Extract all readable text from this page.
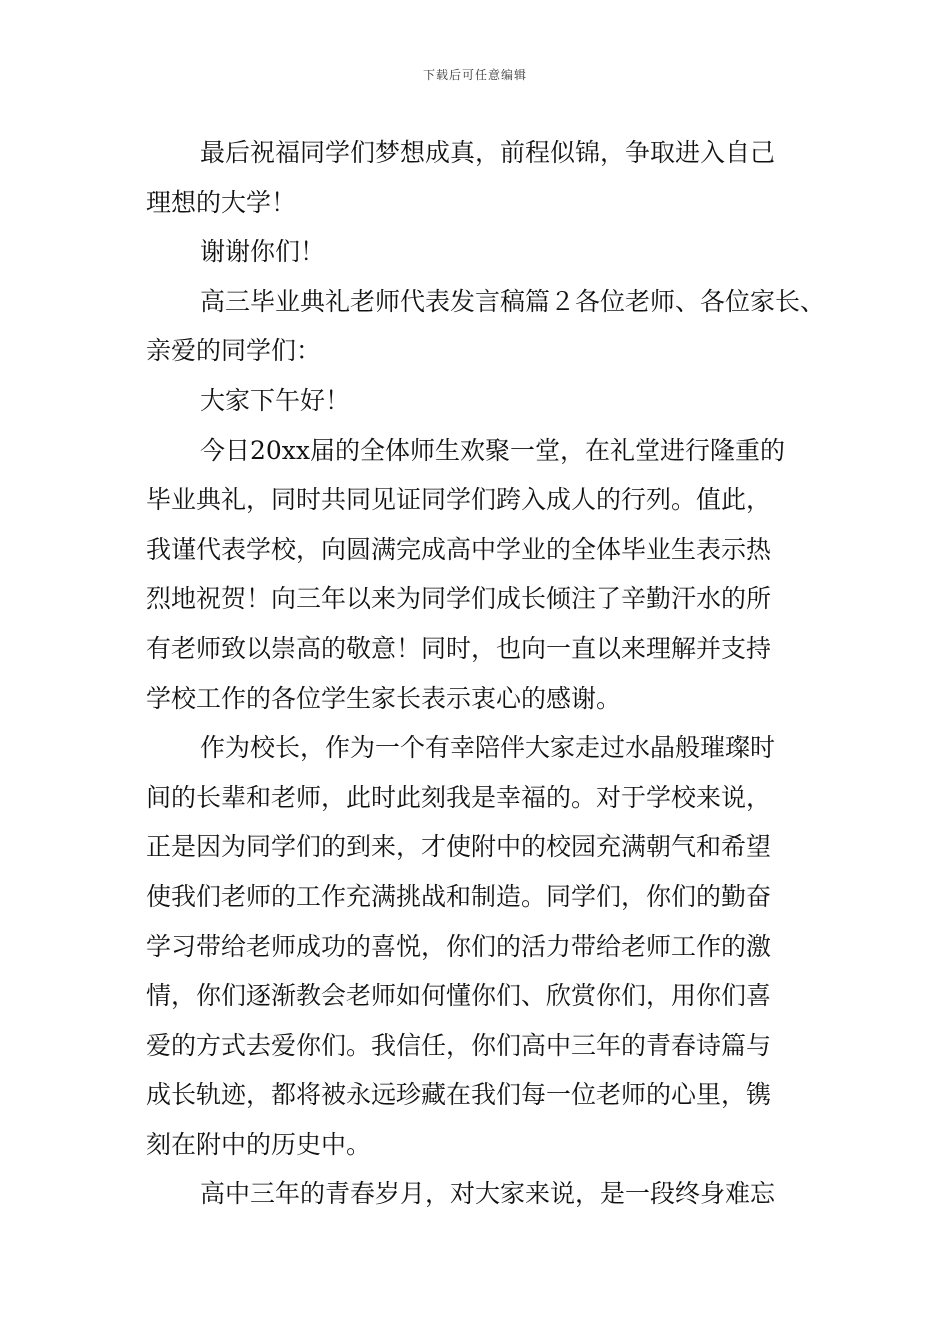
下载后可任意编辑
最后祝福同学们梦想成真，前程似锦，争取进入自己
理想的大学！
谢谢你们！
高三毕业典礼老师代表发言稿篇２各位老师、各位家长、
亲爱的同学们：
大家下午好！
今日20xx届的全体师生欢聚一堂，在礼堂进行隆重的
毕业典礼，同时共同见证同学们跨入成人的行列。值此，
我谨代表学校，向圆满完成高中学业的全体毕业生表示热
烈地祝贺！向三年以来为同学们成长倾注了辛勤汗水的所
有老师致以崇高的敬意！同时，也向一直以来理解并支持
学校工作的各位学生家长表示衷心的感谢。
作为校长，作为一个有幸陪伴大家走过水晶般璀璨时
间的长辈和老师，此时此刻我是幸福的。对于学校来说，
正是因为同学们的到来，才使附中的校园充满朝气和希望
使我们老师的工作充满挑战和制造。同学们，你们的勤奋
学习带给老师成功的喜悦，你们的活力带给老师工作的激
情，你们逐渐教会老师如何懂你们、欣赏你们，用你们喜
爱的方式去爱你们。我信任，你们高中三年的青春诗篇与
成长轨迹，都将被永远珍藏在我们每一位老师的心里，镌
刻在附中的历史中。
高中三年的青春岁月，对大家来说，是一段终身难忘
